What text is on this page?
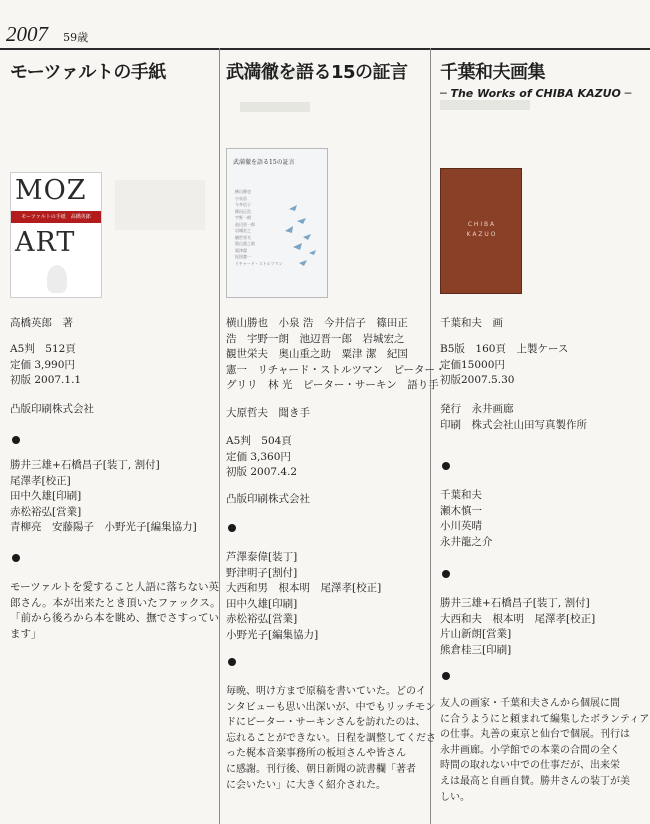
2007 59歳
モーツァルトの手紙
MOZ
モーツァルトの手紙　高橋英郎
ART
高橋英郎　著
A5判　512頁
定価 3,990円
初版 2007.1.1
凸版印刷株式会社
勝井三雄+石橋昌子[装丁, 割付]
尾澤孝[校正]
田中久雄[印刷]
赤松裕弘[営業]
青柳亮　安藤陽子　小野光子[編集協力]
モーツァルトを愛すること人語に落ちない英
郎さん。本が出来たとき頂いたファックス。
「前から後ろから本を眺め、撫でさすってい
ます」
武満徹を語る15の証言
武満徹を語る15の証言
横山勝也
小泉浩
今井信子
篠田正浩
宇野一朗
池辺晋一郎
岩城宏之
観世栄夫
奥山重之助
粟津潔
紀国憲一
リチャード・ストルツマン
横山勝也　小泉 浩　今井信子　篠田正
浩　宇野一朗　池辺晋一郎　岩城宏之
観世栄夫　奥山重之助　粟津 潔　紀国
憲一　リチャード・ストルツマン　ピーター・
グリリ　林 光　ピーター・サーキン　語り手
大原哲夫　聞き手
A5判　504頁
定価 3,360円
初版 2007.4.2
凸版印刷株式会社
芦澤泰偉[装丁]
野津明子[割付]
大西和男　根本明　尾澤孝[校正]
田中久雄[印刷]
赤松裕弘[営業]
小野光子[編集協力]
毎晩、明け方まで原稿を書いていた。どのイ
ンタビューも思い出深いが、中でもリッチモン
ドにピーター・サーキンさんを訪れたのは、
忘れることができない。日程を調整してくださ
った梶本音楽事務所の板垣さんや皆さん
に感謝。刊行後、朝日新聞の読書欄「著者
に会いたい」に大きく紹介された。
千葉和夫画集
─ The Works of CHIBA KAZUO ─
C H I B A
K A Z U O
千葉和夫　画
B5版　160頁　上製ケース
定価15000円
初版2007.5.30
発行　永井画廊
印刷　株式会社山田写真製作所
千葉和夫
瀬木慎一
小川英晴
永井龍之介
勝井三雄+石橋昌子[装丁, 割付]
大西和夫　根本明　尾澤孝[校正]
片山新朗[営業]
熊倉桂三[印刷]
友人の画家・千葉和夫さんから個展に間
に合うようにと頼まれて編集したボランティア
の仕事。丸善の東京と仙台で個展。刊行は
永井画廊。小学館での本業の合間の全く
時間の取れない中での仕事だが、出来栄
えは最高と自画自賛。勝井さんの装丁が美
しい。
